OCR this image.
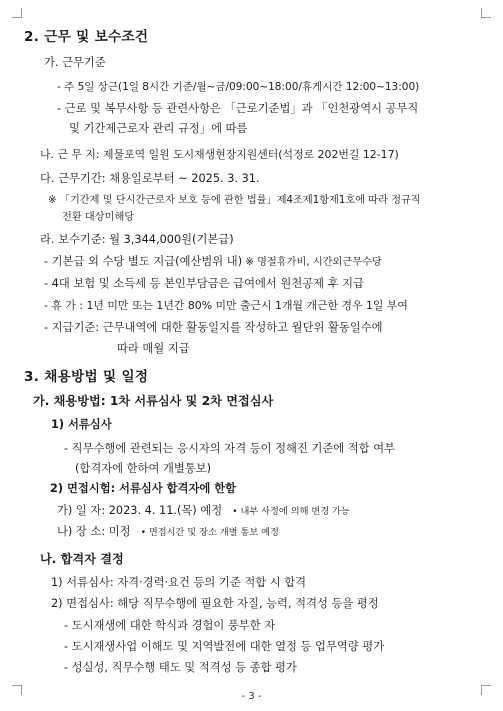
2. 근무 및 보수조건
가. 근무기준
- 주 5일 상근(1일 8시간 기준/월~금/09:00~18:00/휴게시간 12:00~13:00)
- 근로 및 복무사항 등 관련사항은 「근로기준법」과 「인천광역시 공무직
및 기간제근로자 관리 규정」에 따름
나. 근 무 지: 제물포역 일원 도시재생현장지원센터(석정로 202번길 12-17)
다. 근무기간: 채용일로부터 ~ 2025. 3. 31.
※ 「기간제 및 단시간근로자 보호 등에 관한 법률」제4조제1항제1호에 따라 정규직
전환 대상미해당
라. 보수기준: 월 3,344,000원(기본급)
- 기본급 외 수당 별도 지급(예산범위 내) ※ 명절휴가비, 시간외근무수당
- 4대 보험 및 소득세 등 본인부담금은 급여에서 원천공제 후 지급
- 휴 가 : 1년 미만 또는 1년간 80% 미만 출근시 1개월 개근한 경우 1일 부여
- 지급기준: 근무내역에 대한 활동일지를 작성하고 월단위 활동일수에
따라 매월 지급
3. 채용방법 및 일정
가. 채용방법: 1차 서류심사 및 2차 면접심사
1) 서류심사
- 직무수행에 관련되는 응시자의 자격 등이 정해진 기준에 적합 여부
(합격자에 한하여 개별통보)
2) 면접시험: 서류심사 합격자에 한함
가) 일 자: 2023. 4. 11.(목) 예정 • 내부 사정에 의해 변경 가능
나) 장 소: 미정 • 면접시간 및 장소 개별 통보 예정
나. 합격자 결정
1) 서류심사: 자격·경력·요건 등의 기준 적합 시 합격
2) 면접심사: 해당 직무수행에 필요한 자질, 능력, 적격성 등을 평정
- 도시재생에 대한 학식과 경험이 풍부한 자
- 도시재생사업 이해도 및 지역발전에 대한 열정 등 업무역량 평가
- 성실성, 직무수행 태도 및 적격성 등 종합 평가
- 3 -
